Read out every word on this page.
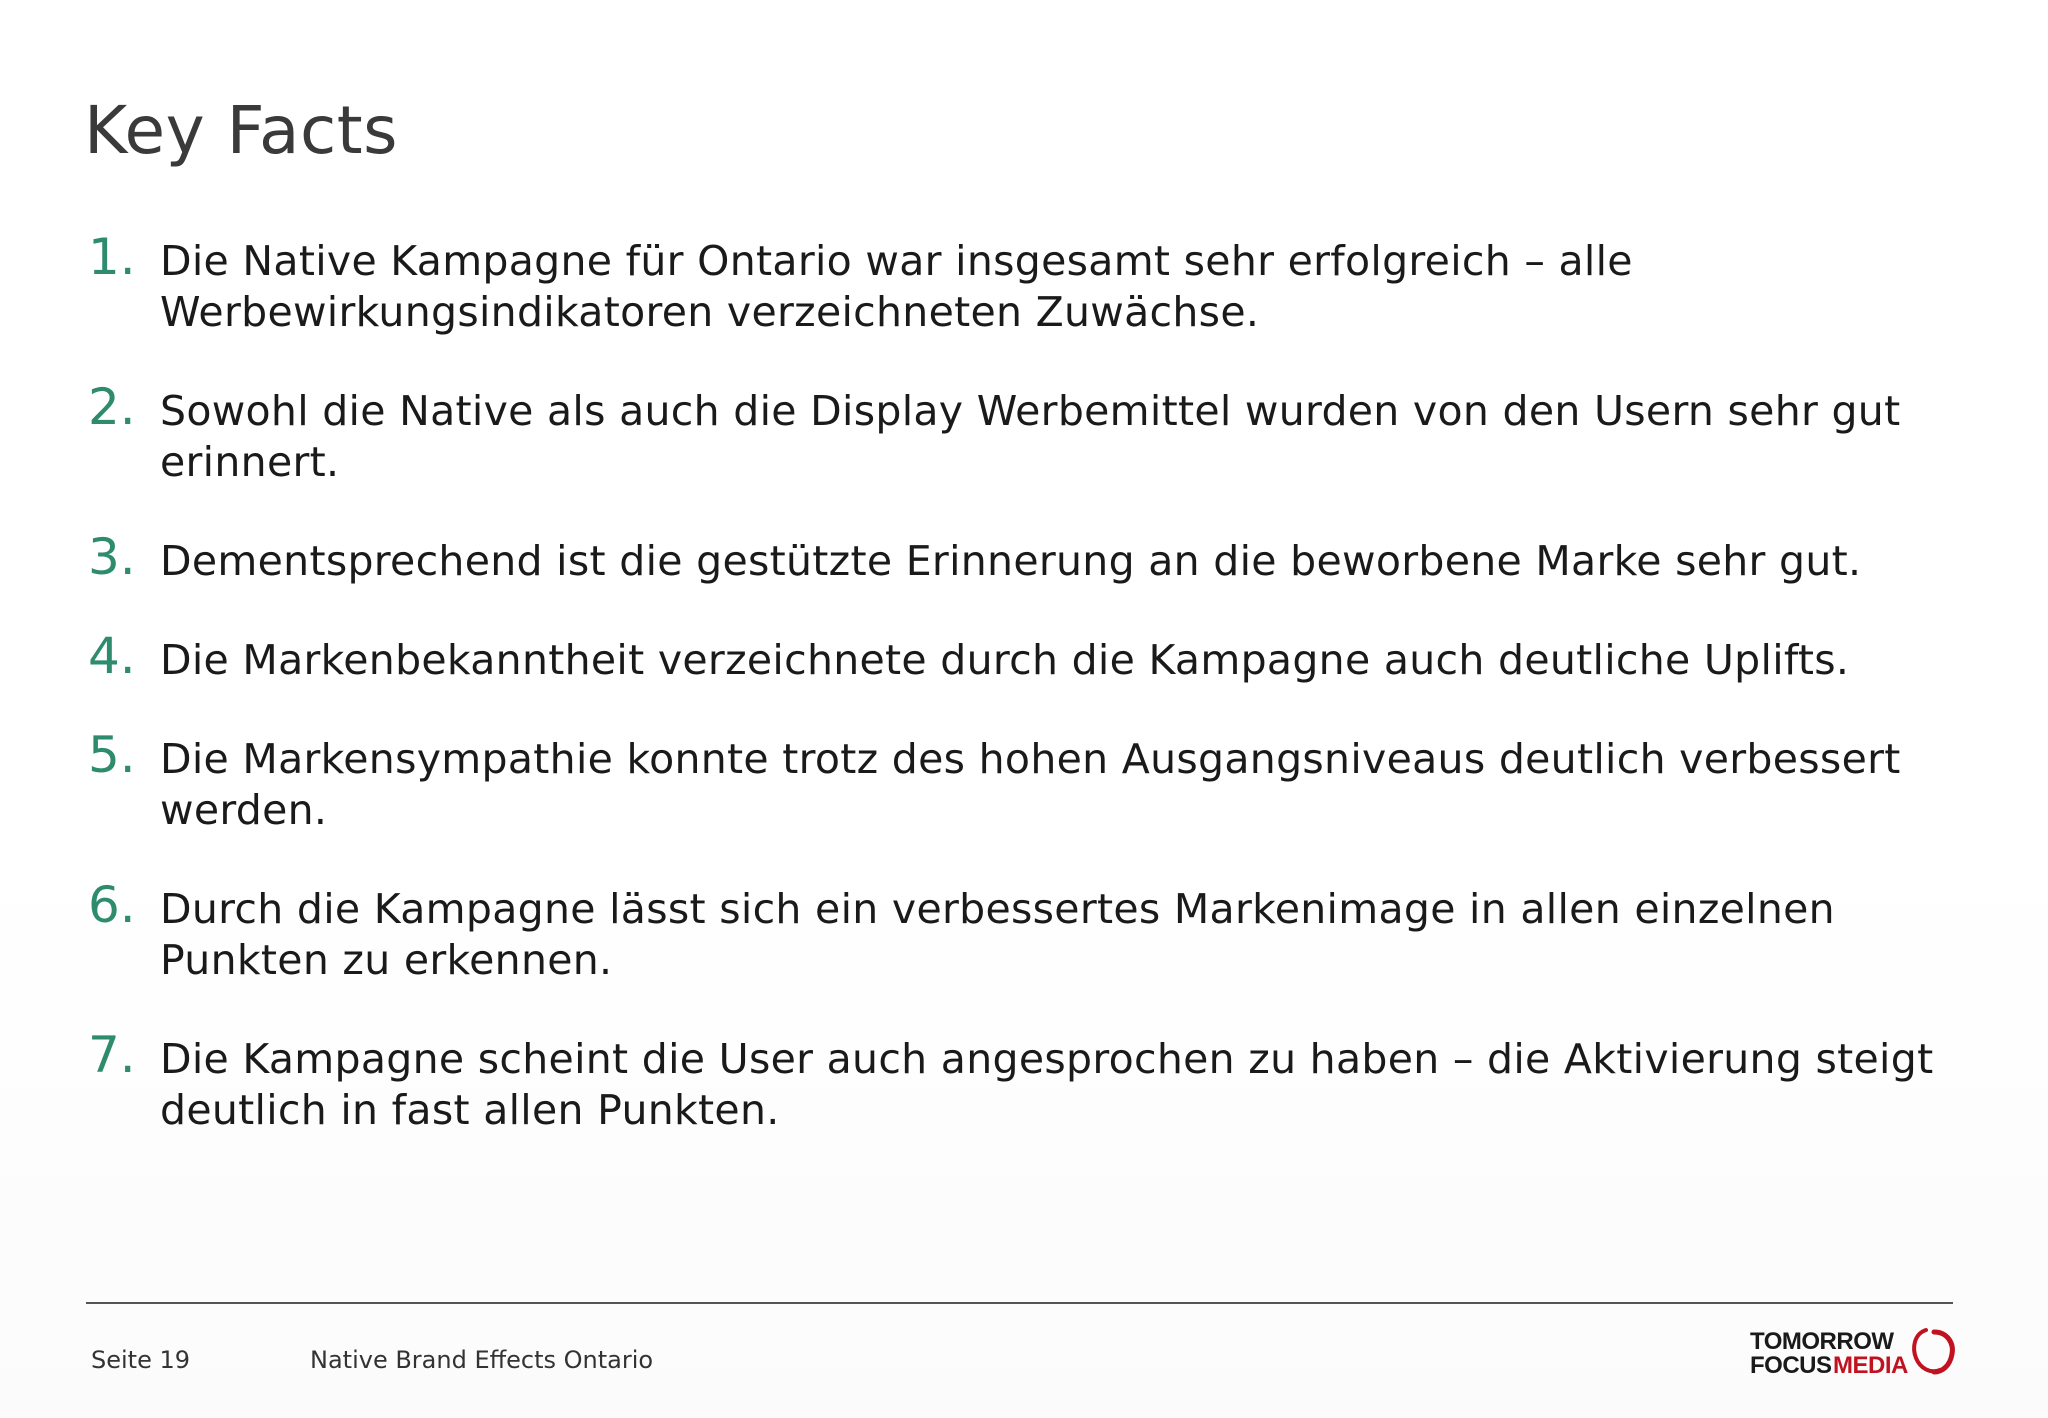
Key Facts
1. Die Native Kampagne für Ontario war insgesamt sehr erfolgreich – alle
Werbewirkungsindikatoren verzeichneten Zuwächse.
2. Sowohl die Native als auch die Display Werbemittel wurden von den Usern sehr gut
erinnert.
3. Dementsprechend ist die gestützte Erinnerung an die beworbene Marke sehr gut.
4. Die Markenbekanntheit verzeichnete durch die Kampagne auch deutliche Uplifts.
5. Die Markensympathie konnte trotz des hohen Ausgangsniveaus deutlich verbessert
werden.
6. Durch die Kampagne lässt sich ein verbessertes Markenimage in allen einzelnen
Punkten zu erkennen.
7. Die Kampagne scheint die User auch angesprochen zu haben – die Aktivierung steigt
deutlich in fast allen Punkten.
Seite 19	Native Brand Effects Ontario
TOMORROW
FOCUS MEDIA
